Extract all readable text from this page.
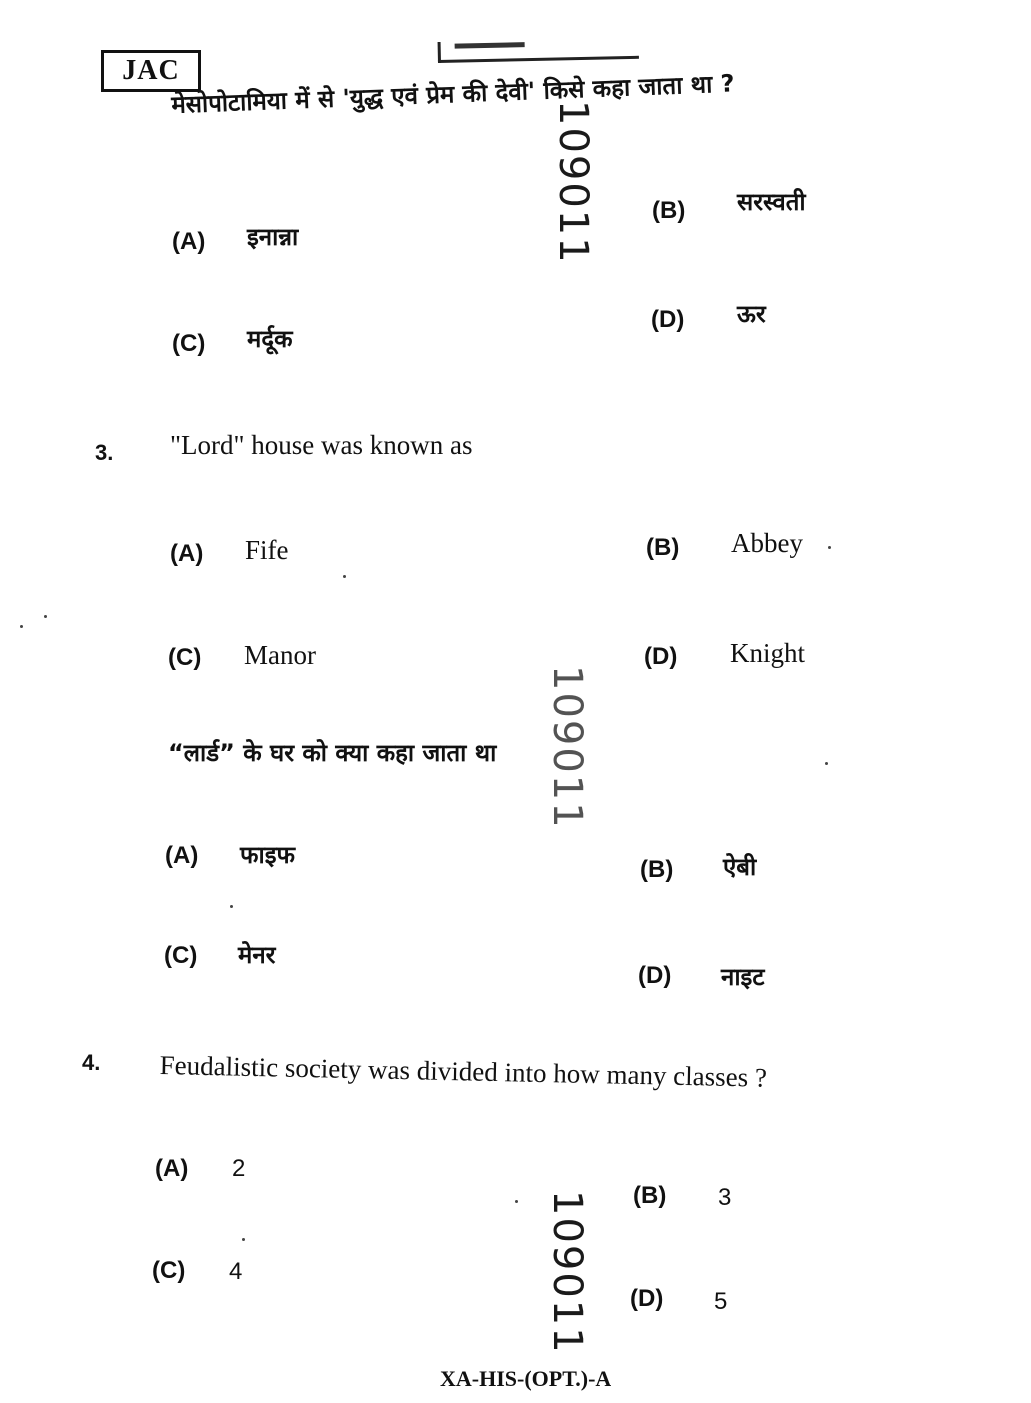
JAC
मेसोपोटामिया में से 'युद्ध एवं प्रेम की देवी' किसे कहा जाता था ?
(A) इनान्ना
(B) सरस्वती
(C) मर्दूक
(D) ऊर
3. "Lord" house was known as
(A) Fife	(B) Abbey
(C) Manor	(D) Knight
“लार्ड” के घर को क्या कहा जाता था
(A) फाइफ
(B) ऐबी
(C) मेनर
(D) नाइट
4. Feudalistic society was divided into how many classes ?
(A) 2
(B) 3
(C) 4
(D) 5
109011
109011
109011
XA-HIS-(OPT.)-A
